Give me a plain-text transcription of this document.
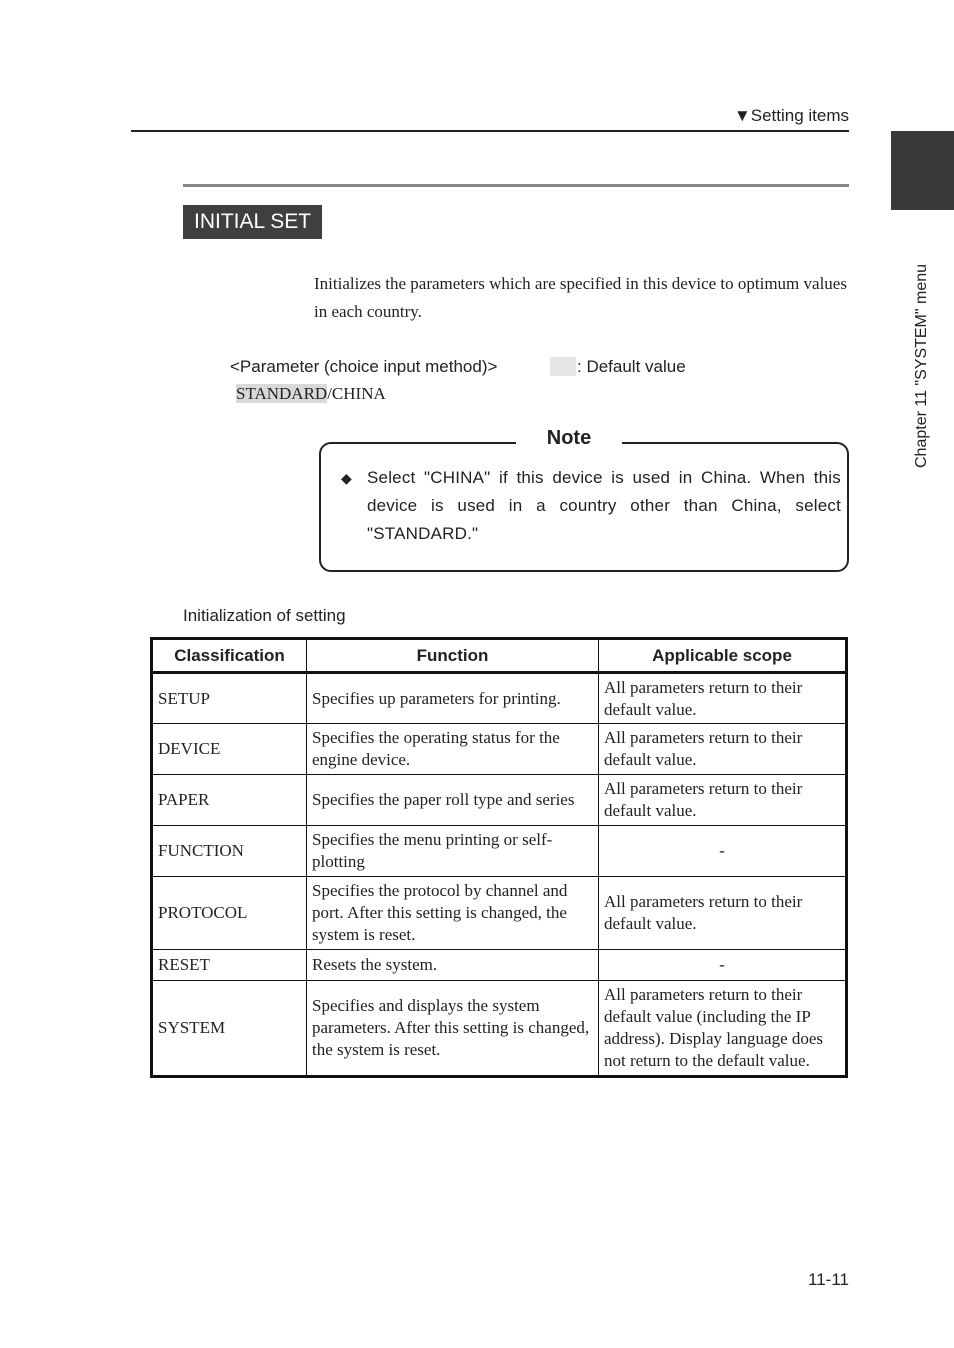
▼Setting items
Chapter 11 "SYSTEM" menu
INITIAL SET
Initializes the parameters which are specified in this device to optimum values in each country.
<Parameter (choice input method)>	: Default value
STANDARD/CHINA
Note
◆ Select "CHINA" if this device is used in China. When this device is used in a country other than China, select "STANDARD."
Initialization of setting
Classification	Function	Applicable scope
SETUP	Specifies up parameters for printing.	All parameters return to their default value.
DEVICE	Specifies the operating status for the engine device.	All parameters return to their default value.
PAPER	Specifies the paper roll type and series	All parameters return to their default value.
FUNCTION	Specifies the menu printing or self-plotting	-
PROTOCOL	Specifies the protocol by channel and port. After this setting is changed, the system is reset.	All parameters return to their default value.
RESET	Resets the system.	-
SYSTEM	Specifies and displays the system parameters. After this setting is changed, the system is reset.	All parameters return to their default value (including the IP address). Display language does not return to the default value.
11-11
